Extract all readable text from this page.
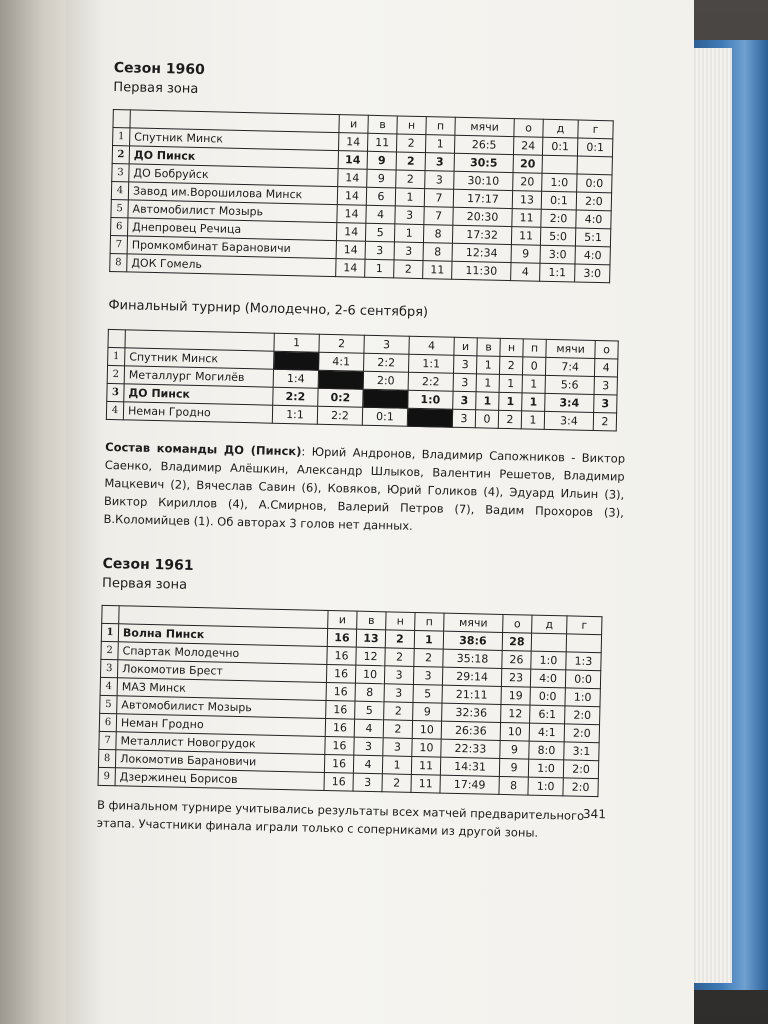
Сезон 1960

Первая зона

		и	в	н	п	мячи	о	д	г
1	Спутник Минск	14	11	2	1	26:5	24	0:1	0:1
2	ДО Пинск	14	9	2	3	30:5	20		
3	ДО Бобруйск	14	9	2	3	30:10	20	1:0	0:0
4	Завод им.Ворошилова Минск	14	6	1	7	17:17	13	0:1	2:0
5	Автомобилист Мозырь	14	4	3	7	20:30	11	2:0	4:0
6	Днепровец Речица	14	5	1	8	17:32	11	5:0	5:1
7	Промкомбинат Барановичи	14	3	3	8	12:34	9	3:0	4:0
8	ДОК Гомель	14	1	2	11	11:30	4	1:1	3:0

Финальный турнир (Молодечно, 2-6 сентября)

		1	2	3	4	и	в	н	п	мячи	о
1	Спутник Минск		4:1	2:2	1:1	3	1	2	0	7:4	4
2	Металлург Могилёв	1:4		2:0	2:2	3	1	1	1	5:6	3
3	ДО Пинск	2:2	0:2		1:0	3	1	1	1	3:4	3
4	Неман Гродно	1:1	2:2	0:1		3	0	2	1	3:4	2

Состав команды ДО (Пинск): Юрий Андронов, Владимир Сапожников - Виктор Саенко, Владимир Алёшкин, Александр Шлыков, Валентин Решетов, Владимир Мацкевич (2), Вячеслав Савин (6), Ковяков, Юрий Голиков (4), Эдуард Ильин (3), Виктор Кириллов (4), А.Смирнов, Валерий Петров (7), Вадим Прохоров (3), В.Коломийцев (1). Об авторах 3 голов нет данных.

Сезон 1961

Первая зона

		и	в	н	п	мячи	о	д	г
1	Волна Пинск	16	13	2	1	38:6	28		
2	Спартак Молодечно	16	12	2	2	35:18	26	1:0	1:3
3	Локомотив Брест	16	10	3	3	29:14	23	4:0	0:0
4	МАЗ Минск	16	8	3	5	21:11	19	0:0	1:0
5	Автомобилист Мозырь	16	5	2	9	32:36	12	6:1	2:0
6	Неман Гродно	16	4	2	10	26:36	10	4:1	2:0
7	Металлист Новогрудок	16	3	3	10	22:33	9	8:0	3:1
8	Локомотив Барановичи	16	4	1	11	14:31	9	1:0	2:0
9	Дзержинец Борисов	16	3	2	11	17:49	8	1:0	2:0

В финальном турнире учитывались результаты всех матчей предварительного этапа. Участники финала играли только с соперниками из другой зоны.

341
